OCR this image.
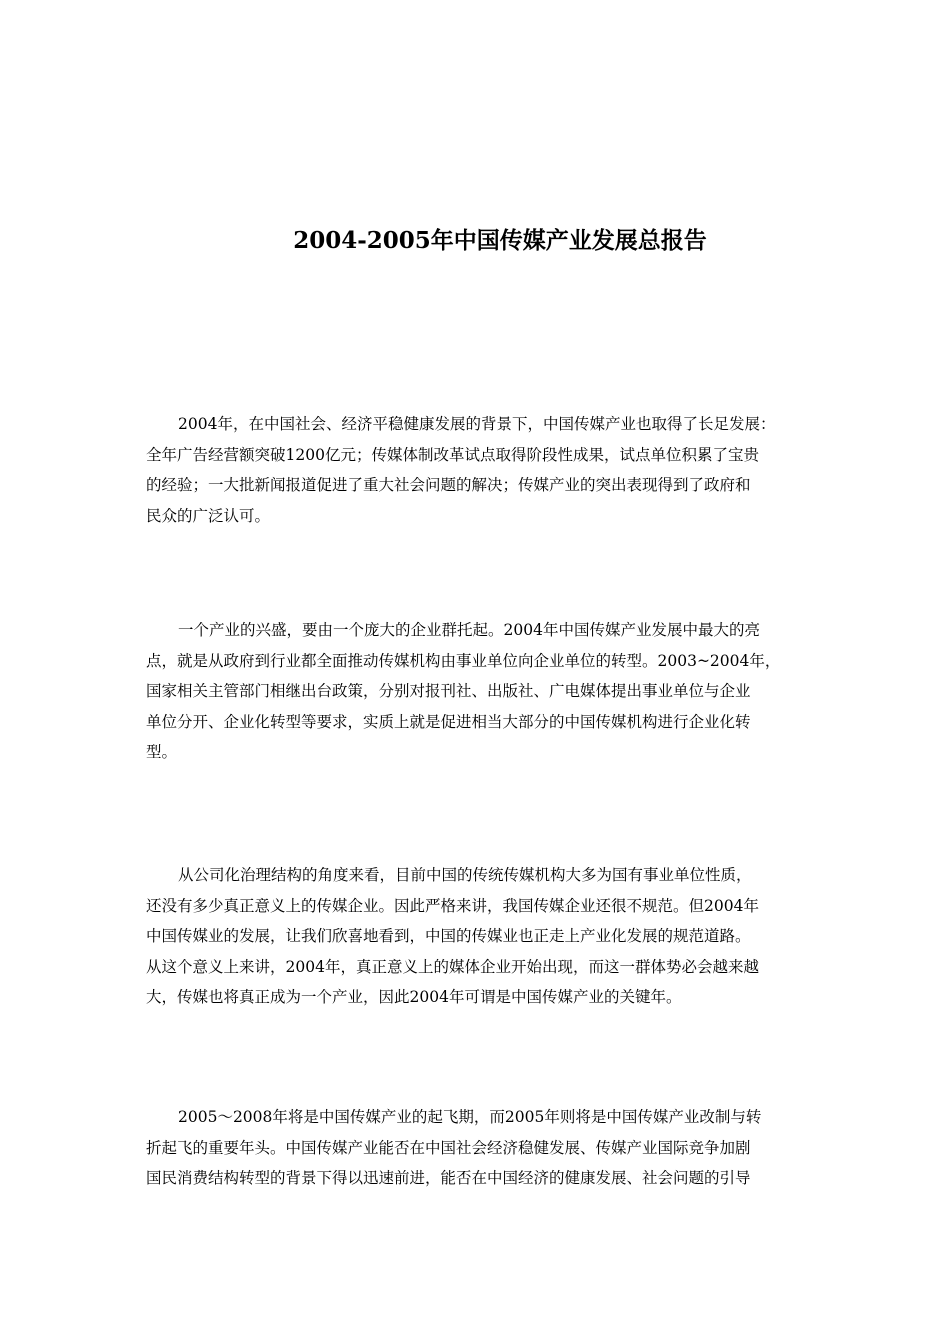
2004-2005年中国传媒产业发展总报告
2004年，在中国社会、经济平稳健康发展的背景下，中国传媒产业也取得了长足发展：
全年广告经营额突破1200亿元；传媒体制改革试点取得阶段性成果，试点单位积累了宝贵
的经验；一大批新闻报道促进了重大社会问题的解决；传媒产业的突出表现得到了政府和
民众的广泛认可。
一个产业的兴盛，要由一个庞大的企业群托起。2004年中国传媒产业发展中最大的亮
点，就是从政府到行业都全面推动传媒机构由事业单位向企业单位的转型。2003~2004年，
国家相关主管部门相继出台政策，分别对报刊社、出版社、广电媒体提出事业单位与企业
单位分开、企业化转型等要求，实质上就是促进相当大部分的中国传媒机构进行企业化转
型。
从公司化治理结构的角度来看，目前中国的传统传媒机构大多为国有事业单位性质，
还没有多少真正意义上的传媒企业。因此严格来讲，我国传媒企业还很不规范。但2004年
中国传媒业的发展，让我们欣喜地看到，中国的传媒业也正走上产业化发展的规范道路。
从这个意义上来讲，2004年，真正意义上的媒体企业开始出现，而这一群体势必会越来越
大，传媒也将真正成为一个产业，因此2004年可谓是中国传媒产业的关键年。
2005～2008年将是中国传媒产业的起飞期，而2005年则将是中国传媒产业改制与转
折起飞的重要年头。中国传媒产业能否在中国社会经济稳健发展、传媒产业国际竞争加剧
国民消费结构转型的背景下得以迅速前进，能否在中国经济的健康发展、社会问题的引导
